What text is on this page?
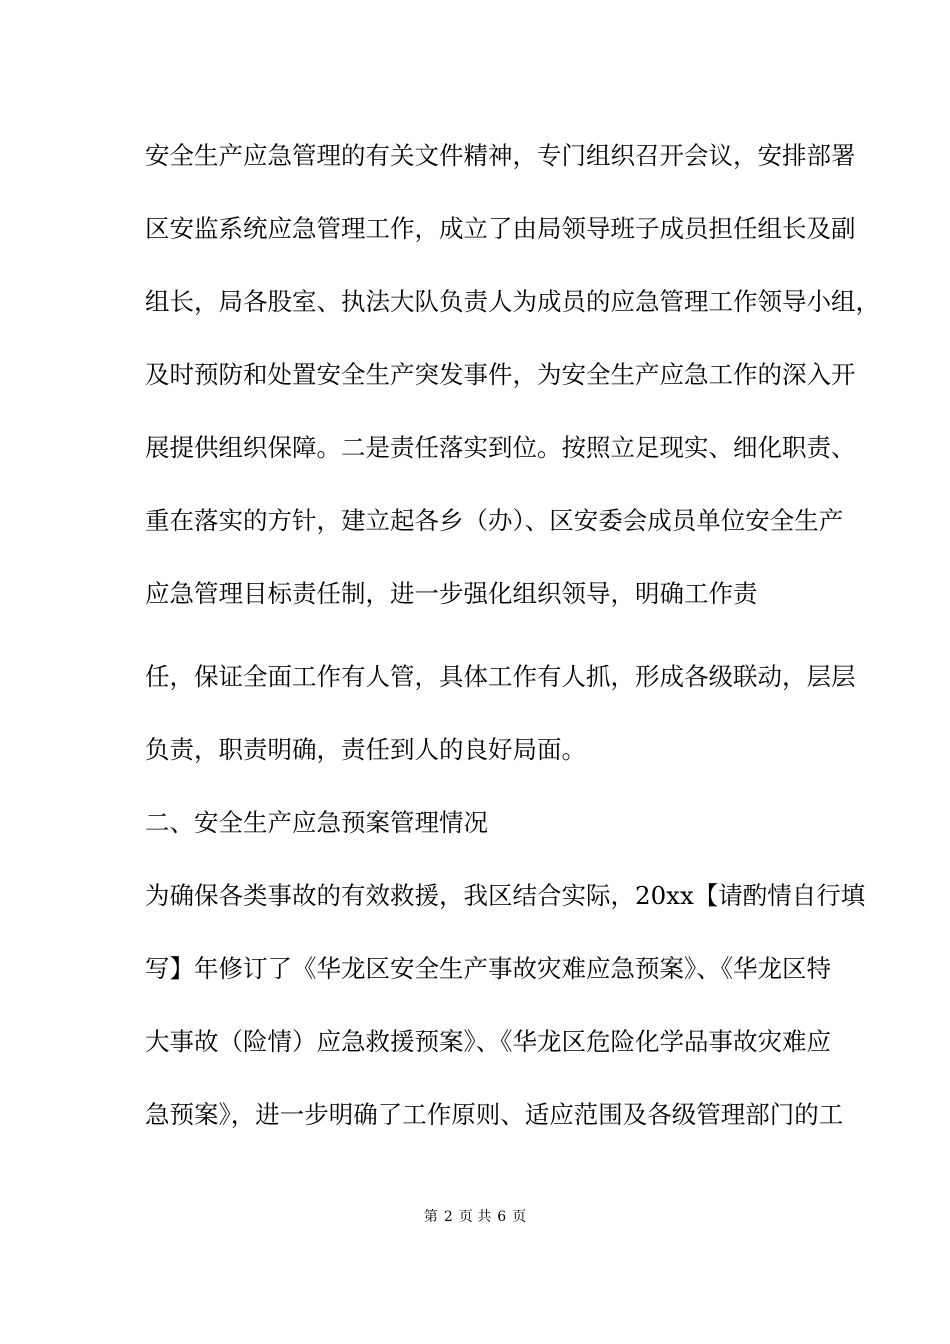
安全生产应急管理的有关文件精神，专门组织召开会议，安排部署
区安监系统应急管理工作，成立了由局领导班子成员担任组长及副
组长，局各股室、执法大队负责人为成员的应急管理工作领导小组，
及时预防和处置安全生产突发事件，为安全生产应急工作的深入开
展提供组织保障。二是责任落实到位。按照立足现实、细化职责、
重在落实的方针，建立起各乡（办）、区安委会成员单位安全生产
应急管理目标责任制，进一步强化组织领导，明确工作责
任，保证全面工作有人管，具体工作有人抓，形成各级联动，层层
负责，职责明确，责任到人的良好局面。
二、安全生产应急预案管理情况
为确保各类事故的有效救援，我区结合实际，20xx【请酌情自行填
写】年修订了《华龙区安全生产事故灾难应急预案》、《华龙区特
大事故（险情）应急救援预案》、《华龙区危险化学品事故灾难应
急预案》，进一步明确了工作原则、适应范围及各级管理部门的工
第 2 页 共 6 页
